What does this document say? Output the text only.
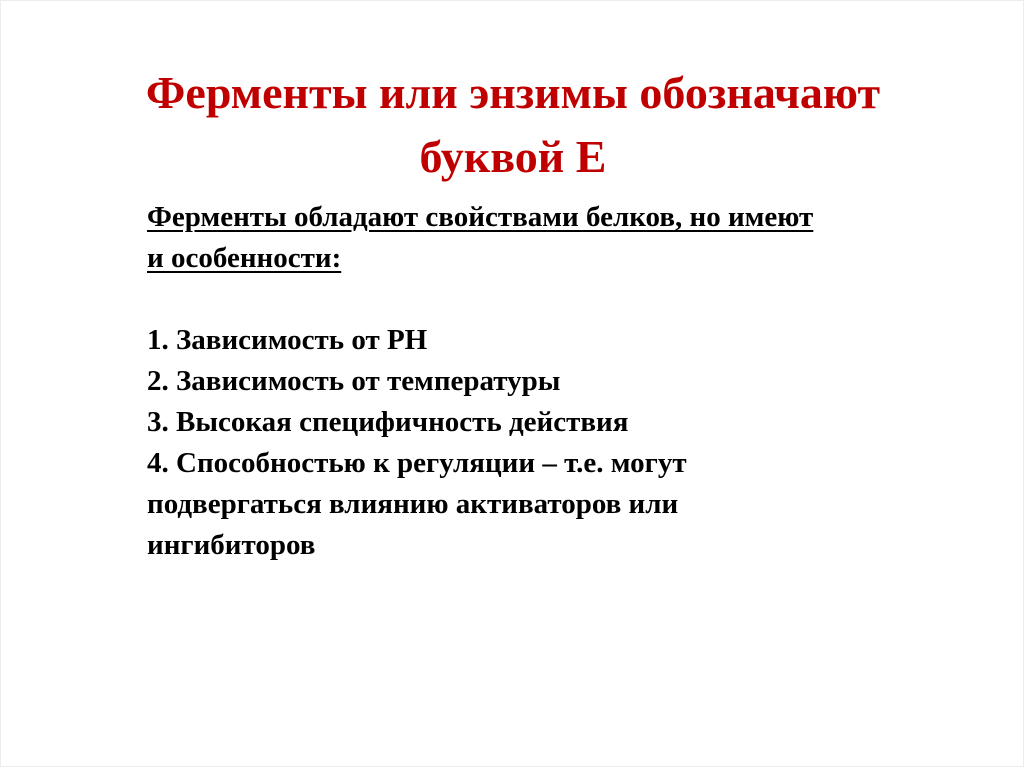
Ферменты или энзимы обозначают
буквой Е
Ферменты обладают свойствами белков, но имеют
и особенности:
1. Зависимость от РН
2. Зависимость от температуры
3. Высокая специфичность действия
4. Способностью к регуляции – т.е. могут
подвергаться влиянию активаторов или
ингибиторов
